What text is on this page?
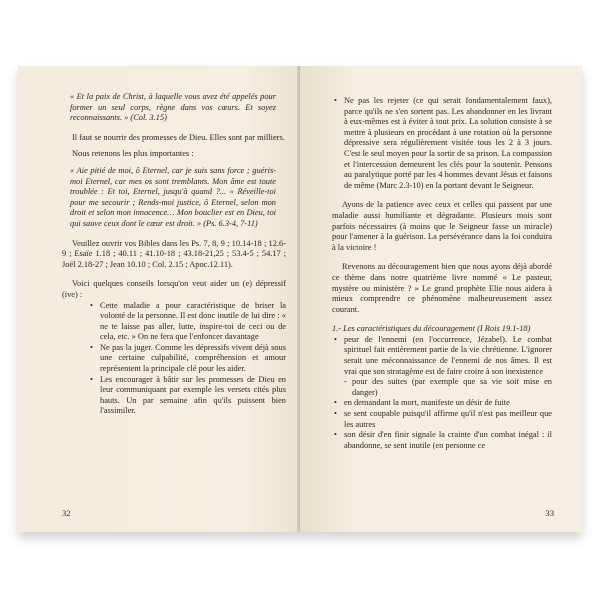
« Et la paix de Christ, à laquelle vous avez été appelés pour former un seul corps, règne dans vos cœurs. Et soyez reconnaissants. » (Col. 3.15)

Il faut se nourrir des promesses de Dieu. Elles sont par milliers.

Nous retenons les plus importantes :

« Aie pitié de moi, ô Eternel, car je suis sans force ; guéris-moi Eternel, car mes os sont tremblants. Mon âme est toute troublée : Et toi, Eternel, jusqu'à quand ?... « Réveille-toi pour me secourir ; Rends-moi justice, ô Eternel, selon mon droit et selon mon innocence… Mon bouclier est en Dieu, toi qui sauve ceux dont le cœur est droit. » (Ps. 6.3-4, 7-11)

Veuillez ouvrir vos Bibles dans les Ps. 7, 8, 9 ; 10.14-18 ; 12.6-9 ; Esaïe 1.18 ; 40.11 ; 41.10-18 ; 43.18-21,25 ; 53.4-5 ; 54.17 ; Joël 2.18-27 ; Jean 10.10 ; Col. 2.15 ; Apoc.12.11).

Voici quelques conseils lorsqu'on veut aider un (e) dépressif (ive) :

• Cette maladie a pour caractéristique de briser la volonté de la personne. Il est donc inutile de lui dire : « ne te laisse pas aller, lutte, inspire-toi de ceci ou de cela, etc. » On ne fera que l'enfoncer davantage
• Ne pas la juger. Comme les dépressifs vivent déjà sous une certaine culpabilité, compréhension et amour représentent la principale clé pour les aider.
• Les encourager à bâtir sur les promesses de Dieu en leur communiquant par exemple les versets cités plus hauts. Un par semaine afin qu'ils puissent bien l'assimiler.
32
• Ne pas les rejeter (ce qui serait fondamentalement faux), parce qu'ils ne s'en sortent pas. Les abandonner en les livrant à eux-mêmes est à éviter à tout prix. La solution consiste à se mettre à plusieurs en procédant à une rotation où la personne dépressive sera régulièrement visitée tous les 2 à 3 jours. C'est le seul moyen pour la sortir de sa prison. La compassion et l'intercession demeurent les clés pour la soutenir. Pensons au paralytique porté par les 4 hommes devant Jésus et faisons de même (Marc 2.3-10) en la portant devant le Seigneur.

Ayons de la patience avec ceux et celles qui passent par une maladie aussi humiliante et dégradante. Plusieurs mois sont parfois nécessaires (à moins que le Seigneur fasse un miracle) pour l'amener à la guérison. La persévérance dans la foi conduira à la victoire !

Revenons au découragement bien que nous ayons déjà abordé ce thème dans notre quatrième livre nommé « Le pasteur, mystère ou ministère ? » Le grand prophète Elie nous aidera à mieux comprendre ce phénomène malheureusement assez courant.

1.- Les caractéristiques du découragement (I Rois 19.1-18)

• peur de l'ennemi (en l'occurrence, Jézabel). Le combat spirituel fait entièrement partie de la vie chrétienne. L'ignorer serait une méconnaissance de l'ennemi de nos âmes. Il est vrai que son stratagème est de faire croire à son inexistence
- pour des suites (par exemple que sa vie soit mise en danger)
• en demandant la mort, manifeste un désir de fuite
• se sent coupable puisqu'il affirme qu'il n'est pas meilleur que les autres
• son désir d'en finir signale la crainte d'un combat inégal : il abandonne, se sent inutile (en personne ce
33
